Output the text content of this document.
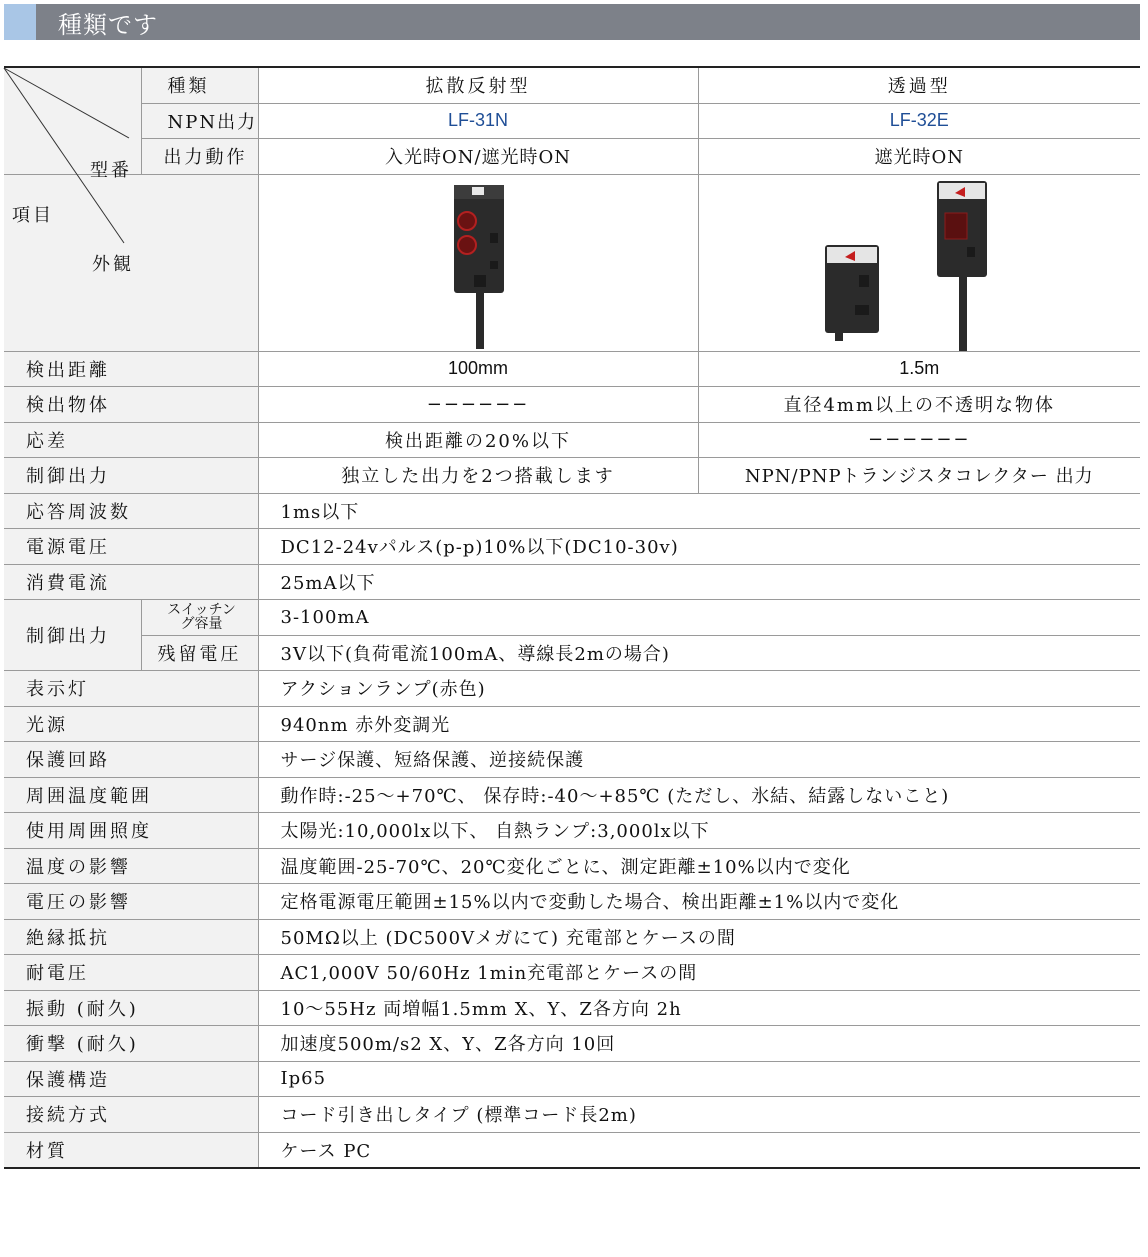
種類です
型番
項目	種類	拡散反射型	透過型
	NPN出力	LF-31N	LF-32E
	出力動作	入光時ON/遮光時ON	遮光時ON
外観	

検出距離		100mm	1.5m
検出物体		−−−−−−	直径4mm以上の不透明な物体
応差		検出距離の20%以下	−−−−−−
制御出力		独立した出力を2つ搭載します	NPN/PNPトランジスタコレクター 出力
応答周波数		1ms以下	
電源電圧		DC12-24vパルス(p-p)10%以下(DC10-30v)	
消費電流		25mA以下	
制御出力	スイッチング容量	3-100mA	
	残留電圧	3V以下(負荷電流100mA、導線長2mの場合)	
表示灯		アクションランプ(赤色)	
光源		940nm 赤外変調光	
保護回路		サージ保護、短絡保護、逆接続保護	
周囲温度範囲		動作時:-25〜+70℃、 保存時:-40〜+85℃ (ただし、氷結、結露しないこと)	
使用周囲照度		太陽光:10,000lx以下、 自熱ランプ:3,000lx以下	
温度の影響		温度範囲-25-70℃、20℃変化ごとに、測定距離±10%以内で変化	
電圧の影響		定格電源電圧範囲±15%以内で変動した場合、検出距離±1%以内で変化	
絶縁抵抗		50MΩ以上 (DC500Vメガにて) 充電部とケースの間	
耐電圧		AC1,000V 50/60Hz 1min充電部とケースの間	
振動 (耐久)		10〜55Hz 両増幅1.5mm X、Y、Z各方向 2h	
衝撃 (耐久)		加速度500m/s2 X、Y、Z各方向 10回	
保護構造		Ip65	
接続方式		コード引き出しタイプ (標準コード長2m)	
材質		ケース PC	
